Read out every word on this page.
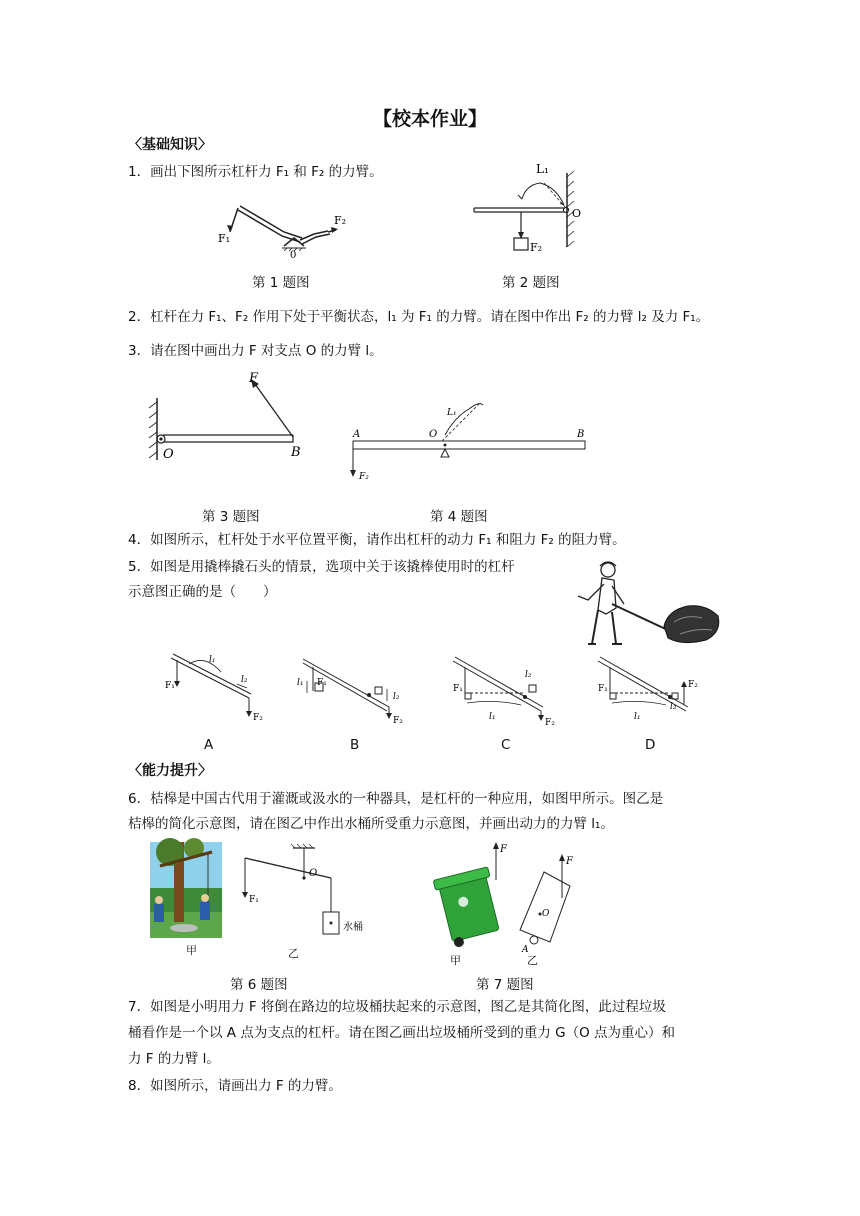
【校本作业】
〈基础知识〉
1．画出下图所示杠杆力 F₁ 和 F₂ 的力臂。
F₁
F₂
0
第 1 题图
L₁
O
F₂
第 2 题图
2．杠杆在力 F₁、F₂ 作用下处于平衡状态，l₁ 为 F₁ 的力臂。请在图中作出 F₂ 的力臂 l₂ 及力 F₁。
3．请在图中画出力 F 对支点 O 的力臂 l。
F
O	B
第 3 题图
A	B
O
L₁
F₂
第 4 题图
4．如图所示，杠杆处于水平位置平衡，请作出杠杆的动力 F₁ 和阻力 F₂ 的阻力臂。
5．如图是用撬棒撬石头的情景，选项中关于该撬棒使用时的杠杆
示意图正确的是（　　）
F₁
F₂
l₁
l₂	F₁
F₂
l₁
l₂
F₁
F₂
l₁
l₂
F₁	F₂
l₁
l₂
A	B	C	D
〈能力提升〉
6．桔槔是中国古代用于灌溉或汲水的一种器具，是杠杆的一种应用，如图甲所示。图乙是
桔槔的简化示意图，请在图乙中作出水桶所受重力示意图，并画出动力的力臂 l₁。
甲
O
F₁
水桶
乙
第 6 题图
F
甲
F
O
A
乙
第 7 题图
7．如图是小明用力 F 将倒在路边的垃圾桶扶起来的示意图，图乙是其简化图，此过程垃圾
桶看作是一个以 A 点为支点的杠杆。请在图乙画出垃圾桶所受到的重力 G（O 点为重心）和
力 F 的力臂 l。
8．如图所示，请画出力 F 的力臂。
